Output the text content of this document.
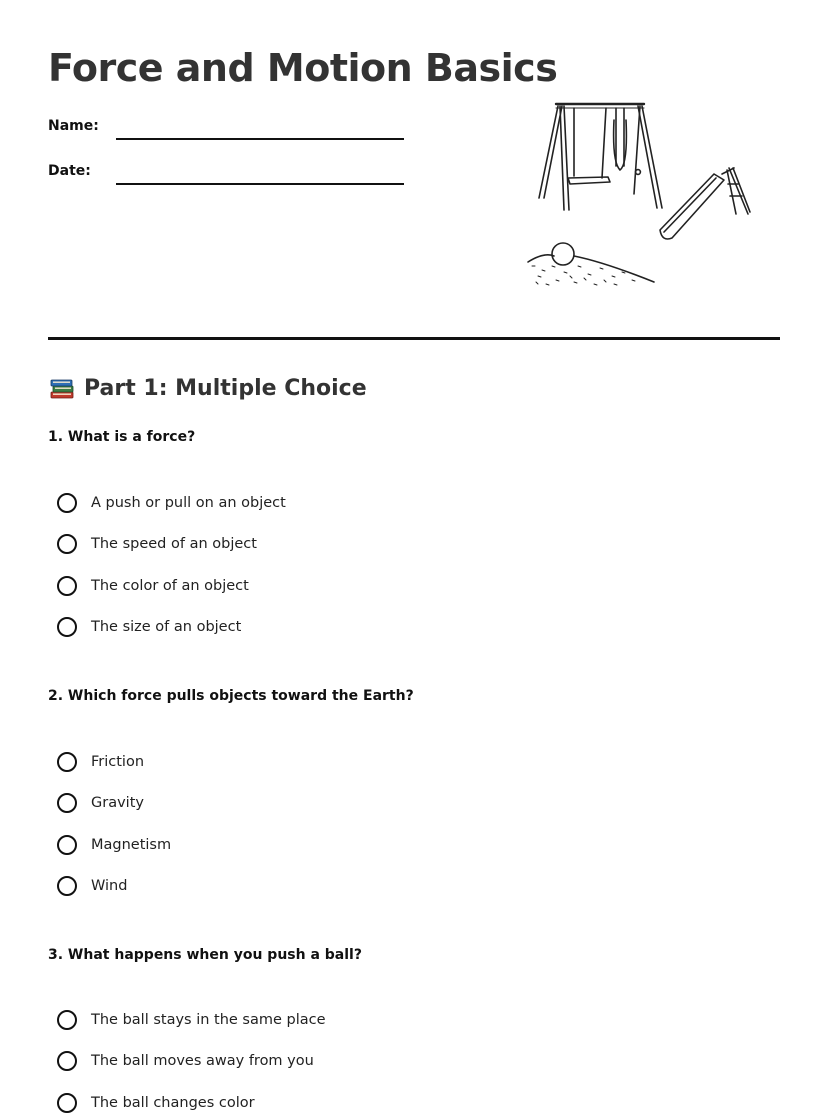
Force and Motion Basics
Name:
Date:
Part 1: Multiple Choice
1. What is a force?
A push or pull on an object
The speed of an object
The color of an object
The size of an object
2. Which force pulls objects toward the Earth?
Friction
Gravity
Magnetism
Wind
3. What happens when you push a ball?
The ball stays in the same place
The ball moves away from you
The ball changes color
